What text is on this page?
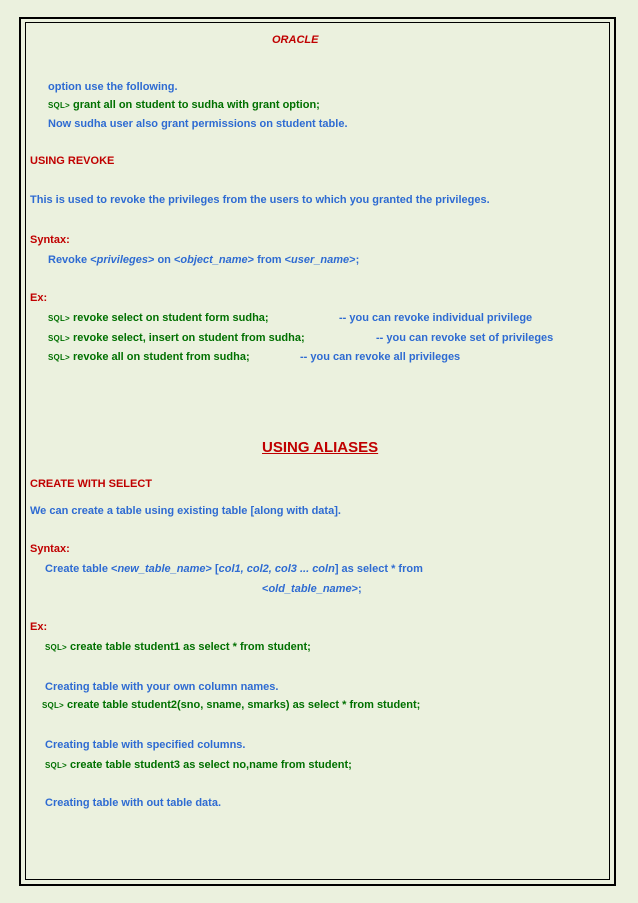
ORACLE
option use the following.
SQL> grant all on student to sudha with grant option;
Now sudha user also grant permissions on student table.
USING REVOKE
This is used to revoke the privileges from the users to which you granted the privileges.
Syntax:
Revoke <privileges> on <object_name> from <user_name>;
Ex:
SQL> revoke select on student form sudha;	-- you can revoke individual privilege
SQL> revoke select, insert on student from sudha;	-- you can revoke set of privileges
SQL> revoke all on student from sudha;	-- you can revoke all privileges
USING ALIASES
CREATE WITH SELECT
We can create a table using existing table [along with data].
Syntax:
Create table <new_table_name> [col1, col2, col3 ... coln] as select * from
<old_table_name>;
Ex:
SQL> create table student1 as select * from student;
Creating table with your own column names.
SQL> create table student2(sno, sname, smarks) as select * from student;
Creating table with specified columns.
SQL> create table student3 as select no,name from student;
Creating table with out table data.
